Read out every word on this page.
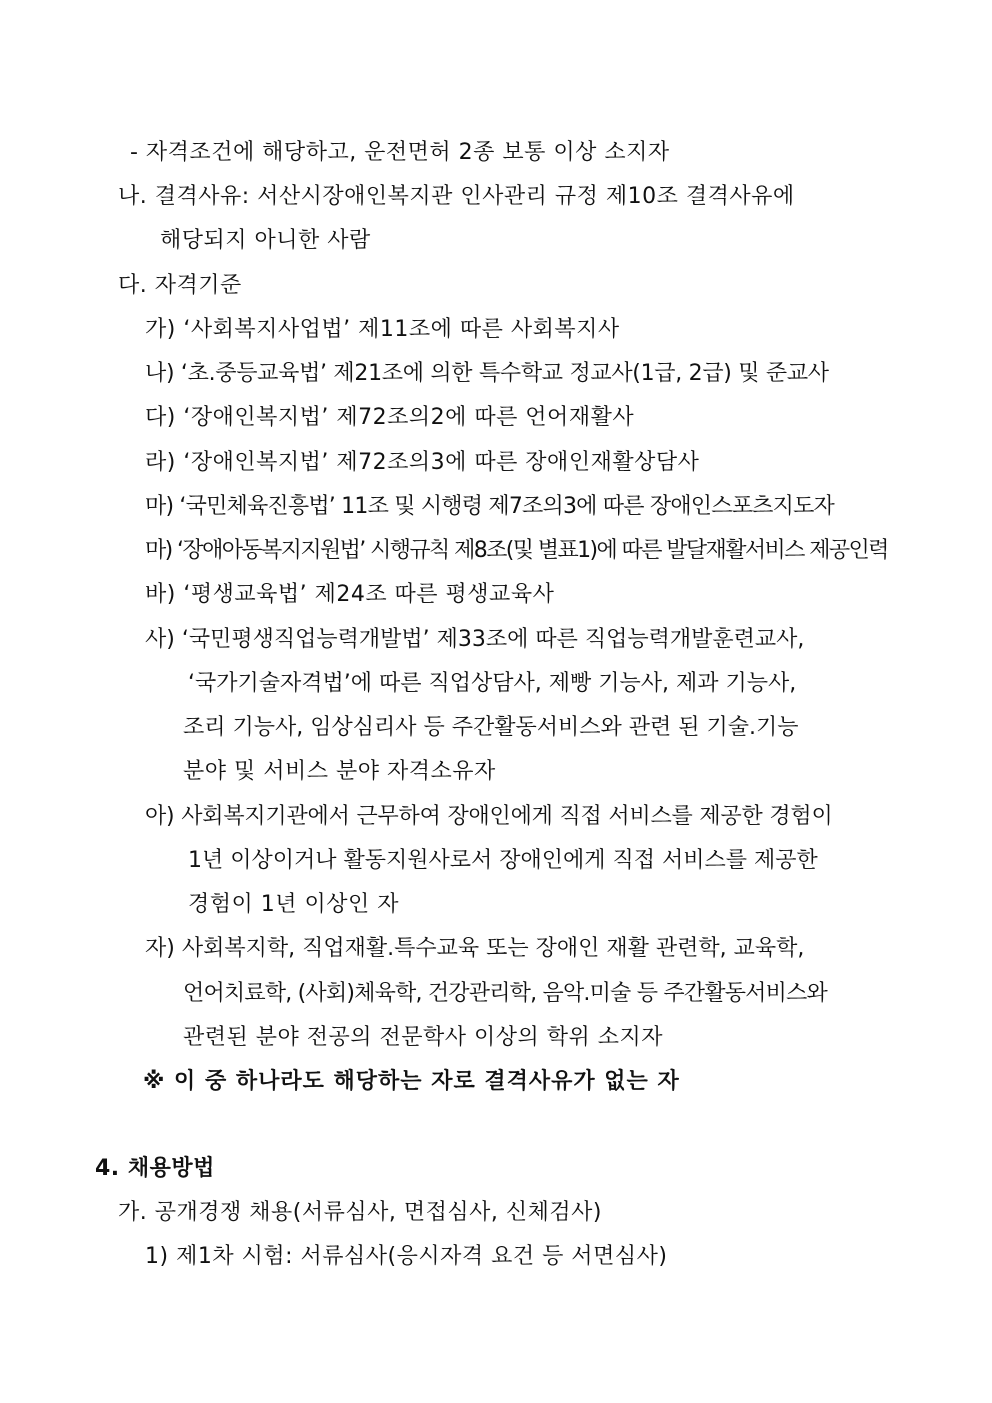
- 자격조건에 해당하고, 운전면허 2종 보통 이상 소지자
나. 결격사유: 서산시장애인복지관 인사관리 규정 제10조 결격사유에
해당되지 아니한 사람
다. 자격기준
가) ‘사회복지사업법’ 제11조에 따른 사회복지사
나) ‘초.중등교육법’ 제21조에 의한 특수학교 정교사(1급, 2급) 및 준교사
다) ‘장애인복지법’ 제72조의2에 따른 언어재활사
라) ‘장애인복지법’ 제72조의3에 따른 장애인재활상담사
마) ‘국민체육진흥법’ 11조 및 시행령 제7조의3에 따른 장애인스포츠지도자
마) ‘장애아동복지지원법’ 시행규칙 제8조(및 별표1)에 따른 발달재활서비스 제공인력
바) ‘평생교육법’ 제24조 따른 평생교육사
사) ‘국민평생직업능력개발법’ 제33조에 따른 직업능력개발훈련교사,
‘국가기술자격법’에 따른 직업상담사, 제빵 기능사, 제과 기능사,
조리 기능사, 임상심리사 등 주간활동서비스와 관련 된 기술.기능
분야 및 서비스 분야 자격소유자
아) 사회복지기관에서 근무하여 장애인에게 직접 서비스를 제공한 경험이
1년 이상이거나 활동지원사로서 장애인에게 직접 서비스를 제공한
경험이 1년 이상인 자
자) 사회복지학, 직업재활.특수교육 또는 장애인 재활 관련학, 교육학,
언어치료학, (사회)체육학, 건강관리학, 음악.미술 등 주간활동서비스와
관련된 분야 전공의 전문학사 이상의 학위 소지자
※ 이 중 하나라도 해당하는 자로 결격사유가 없는 자
4. 채용방법
가. 공개경쟁 채용(서류심사, 면접심사, 신체검사)
1) 제1차 시험: 서류심사(응시자격 요건 등 서면심사)
